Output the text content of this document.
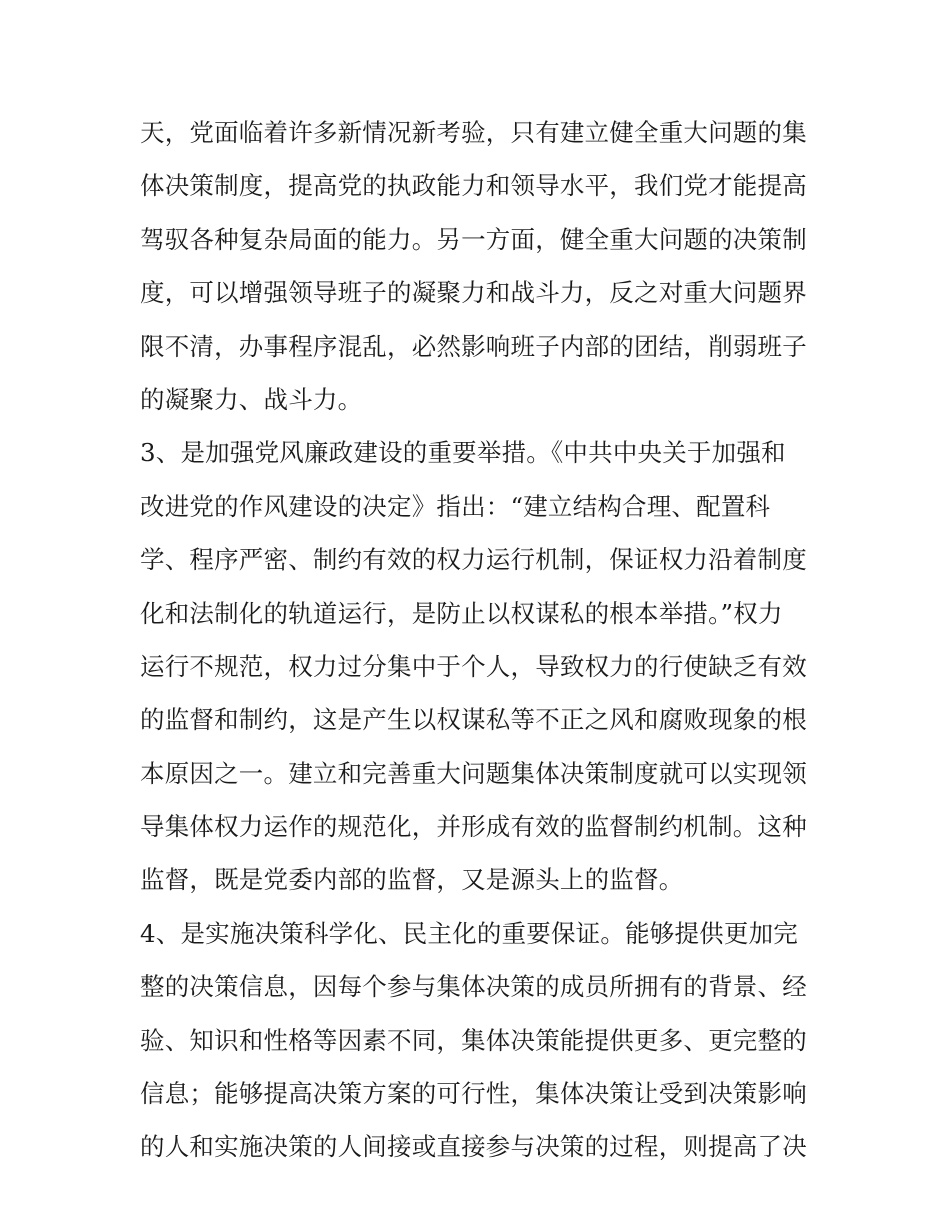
天，党面临着许多新情况新考验，只有建立健全重大问题的集
体决策制度，提高党的执政能力和领导水平，我们党才能提高
驾驭各种复杂局面的能力。另一方面，健全重大问题的决策制
度，可以增强领导班子的凝聚力和战斗力，反之对重大问题界
限不清，办事程序混乱，必然影响班子内部的团结，削弱班子
的凝聚力、战斗力。
3、是加强党风廉政建设的重要举措。《中共中央关于加强和
改进党的作风建设的决定》指出：“建立结构合理、配置科
学、程序严密、制约有效的权力运行机制，保证权力沿着制度
化和法制化的轨道运行，是防止以权谋私的根本举措。”权力
运行不规范，权力过分集中于个人，导致权力的行使缺乏有效
的监督和制约，这是产生以权谋私等不正之风和腐败现象的根
本原因之一。建立和完善重大问题集体决策制度就可以实现领
导集体权力运作的规范化，并形成有效的监督制约机制。这种
监督，既是党委内部的监督，又是源头上的监督。
4、是实施决策科学化、民主化的重要保证。能够提供更加完
整的决策信息，因每个参与集体决策的成员所拥有的背景、经
验、知识和性格等因素不同，集体决策能提供更多、更完整的
信息；能够提高决策方案的可行性，集体决策让受到决策影响
的人和实施决策的人间接或直接参与决策的过程，则提高了决
